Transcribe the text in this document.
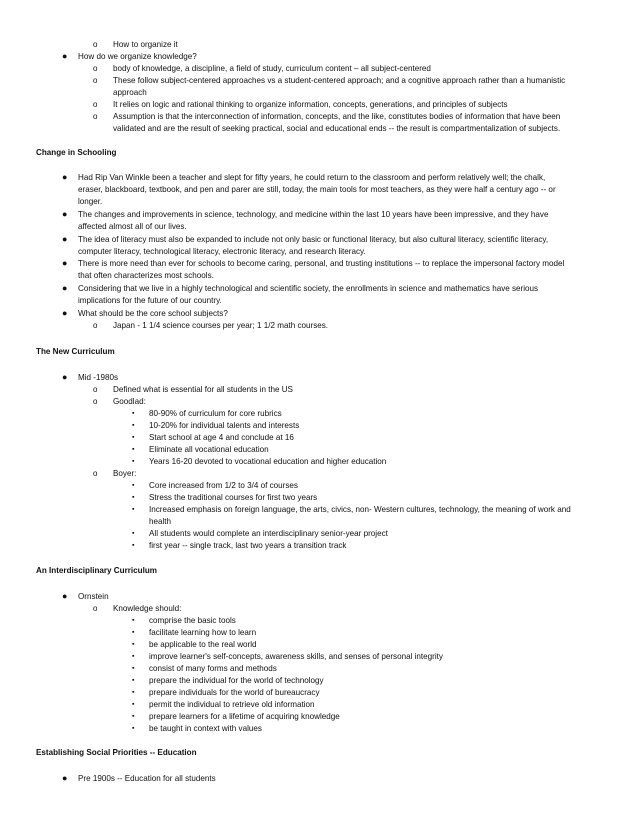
o How to organize it
● How do we organize knowledge?
o body of knowledge, a discipline, a field of study, curriculum content – all subject-centered
o These follow subject-centered approaches vs a student-centered approach; and a cognitive approach rather than a humanistic
approach
o It relies on logic and rational thinking to organize information, concepts, generations, and principles of subjects
o Assumption is that the interconnection of information, concepts, and the like, constitutes bodies of information that have been
validated and are the result of seeking practical, social and educational ends -- the result is compartmentalization of subjects.
Change in Schooling
● Had Rip Van Winkle been a teacher and slept for fifty years, he could return to the classroom and perform relatively well; the chalk,
eraser, blackboard, textbook, and pen and parer are still, today, the main tools for most teachers, as they were half a century ago -- or
longer.
● The changes and improvements in science, technology, and medicine within the last 10 years have been impressive, and they have
affected almost all of our lives.
● The idea of literacy must also be expanded to include not only basic or functional literacy, but also cultural literacy, scientific literacy,
computer literacy, technological literacy, electronic literacy, and research literacy.
● There is more need than ever for schools to become caring, personal, and trusting institutions -- to replace the impersonal factory model
that often characterizes most schools.
● Considering that we live in a highly technological and scientific society, the enrollments in science and mathematics have serious
implications for the future of our country.
● What should be the core school subjects?
o Japan - 1 1/4 science courses per year; 1 1/2 math courses.
The New Curriculum
● Mid -1980s
o Defined what is essential for all students in the US
o Goodlad:
▪ 80-90% of curriculum for core rubrics
▪ 10-20% for individual talents and interests
▪ Start school at age 4 and conclude at 16
▪ Eliminate all vocational education
▪ Years 16-20 devoted to vocational education and higher education
o Boyer:
▪ Core increased from 1/2 to 3/4 of courses
▪ Stress the traditional courses for first two years
▪ Increased emphasis on foreign language, the arts, civics, non- Western cultures, technology, the meaning of work and
health
▪ All students would complete an interdisciplinary senior-year project
▪ first year -- single track, last two years a transition track
An Interdisciplinary Curriculum
● Ornstein
o Knowledge should:
▪ comprise the basic tools
▪ facilitate learning how to learn
▪ be applicable to the real world
▪ improve learner's self-concepts, awareness skills, and senses of personal integrity
▪ consist of many forms and methods
▪ prepare the individual for the world of technology
▪ prepare individuals for the world of bureaucracy
▪ permit the individual to retrieve old information
▪ prepare learners for a lifetime of acquiring knowledge
▪ be taught in context with values
Establishing Social Priorities -- Education
● Pre 1900s -- Education for all students
